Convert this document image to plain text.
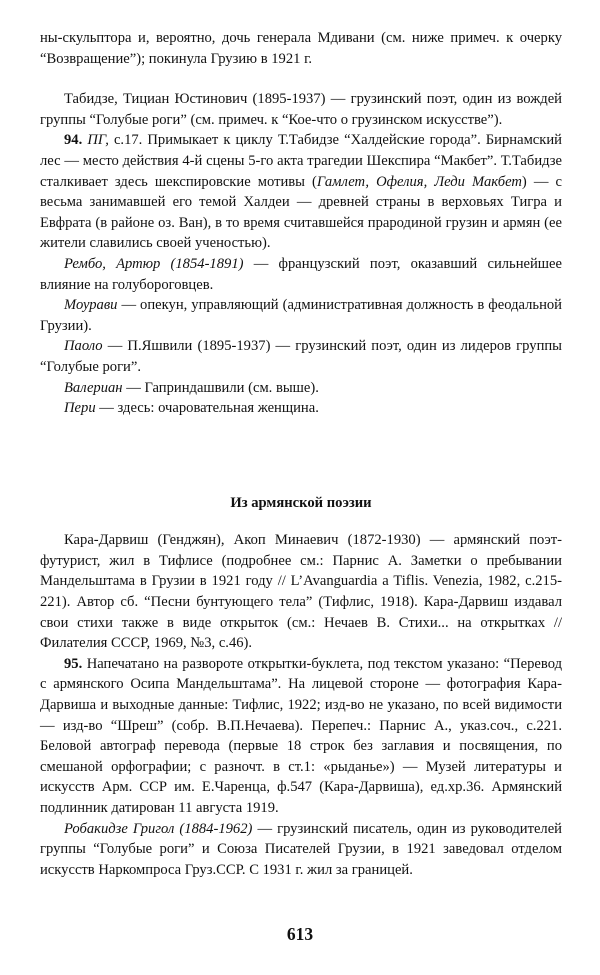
ны-скульптора и, вероятно, дочь генерала Мдивани (см. ниже примеч. к очерку “Возвращение”); покинула Грузию в 1921 г.

Табидзе, Тициан Юстинович (1895-1937) — грузинский поэт, один из вождей группы “Голубые роги” (см. примеч. к “Кое-что о грузинском искусстве”).

94. ПГ, с.17. Примыкает к циклу Т.Табидзе “Халдейские города”. Бирнамский лес — место действия 4-й сцены 5-го акта трагедии Шекспира “Макбет”. Т.Табидзе сталкивает здесь шекспировские мотивы (Гамлет, Офелия, Леди Макбет) — с весьма занимавшей его темой Халдеи — древней страны в верховьях Тигра и Евфрата (в районе оз. Ван), в то время считавшейся прародиной грузин и армян (ее жители славились своей ученостью).

Рембо, Артюр (1854-1891) — французский поэт, оказавший сильнейшее влияние на голубороговцев.

Моурави — опекун, управляющий (административная должность в феодальной Грузии).

Паоло — П.Яшвили (1895-1937) — грузинский поэт, один из лидеров группы “Голубые роги”.

Валериан — Гаприндашвили (см. выше).

Пери — здесь: очаровательная женщина.

Из армянской поэзии

Кара-Дарвиш (Генджян), Акоп Минаевич (1872-1930) — армянский поэт-футурист, жил в Тифлисе (подробнее см.: Парнис А. Заметки о пребывании Мандельштама в Грузии в 1921 году // L’Avanguardia a Tiflis. Venezia, 1982, с.215-221). Автор сб. “Песни бунтующего тела” (Тифлис, 1918). Кара-Дарвиш издавал свои стихи также в виде открыток (см.: Нечаев В. Стихи... на открытках // Филателия СССР, 1969, №3, с.46).

95. Напечатано на развороте открытки-буклета, под текстом указано: “Перевод с армянского Осипа Мандельштама”. На лицевой стороне — фотография Кара-Дарвиша и выходные данные: Тифлис, 1922; изд-во не указано, по всей видимости — изд-во “Шреш” (собр. В.П.Нечаева). Перепеч.: Парнис А., указ.соч., с.221. Беловой автограф перевода (первые 18 строк без заглавия и посвящения, по смешаной орфографии; с разночт. в ст.1: «рыданье») — Музей литературы и искусств Арм. ССР им. Е.Чаренца, ф.547 (Кара-Дарвиша), ед.хр.36. Армянский подлинник датирован 11 августа 1919.

Робакидзе Григол (1884-1962) — грузинский писатель, один из руководителей группы “Голубые роги” и Союза Писателей Грузии, в 1921 заведовал отделом искусств Наркомпроса Груз.ССР. С 1931 г. жил за границей.

613
